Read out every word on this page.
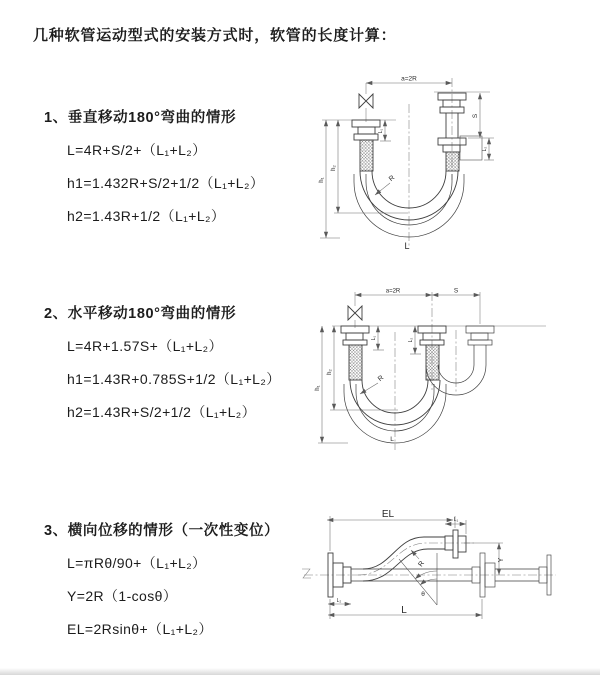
几种软管运动型式的安装方式时，软管的长度计算：
1、垂直移动180°弯曲的情形
L=4R+S/2+（L₁+L₂）
h1=1.432R+S/2+1/2（L₁+L₂）
h2=1.43R+1/2（L₁+L₂）
a=2R
h₁
h₂
L₁
S
L₂
R
L
2、水平移动180°弯曲的情形
L=4R+1.57S+（L₁+L₂）
h1=1.43R+0.785S+1/2（L₁+L₂）
h2=1.43R+S/2+1/2（L₁+L₂）
a=2R	S
h₁
h₂
L₁	L₂
R
L
3、横向位移的情形（一次性变位）
L=πRθ/90+（L₁+L₂）
Y=2R（1-cosθ）
EL=2Rsinθ+（L₁+L₂）
EL	L₁
Y
L
L₂
R
θ
